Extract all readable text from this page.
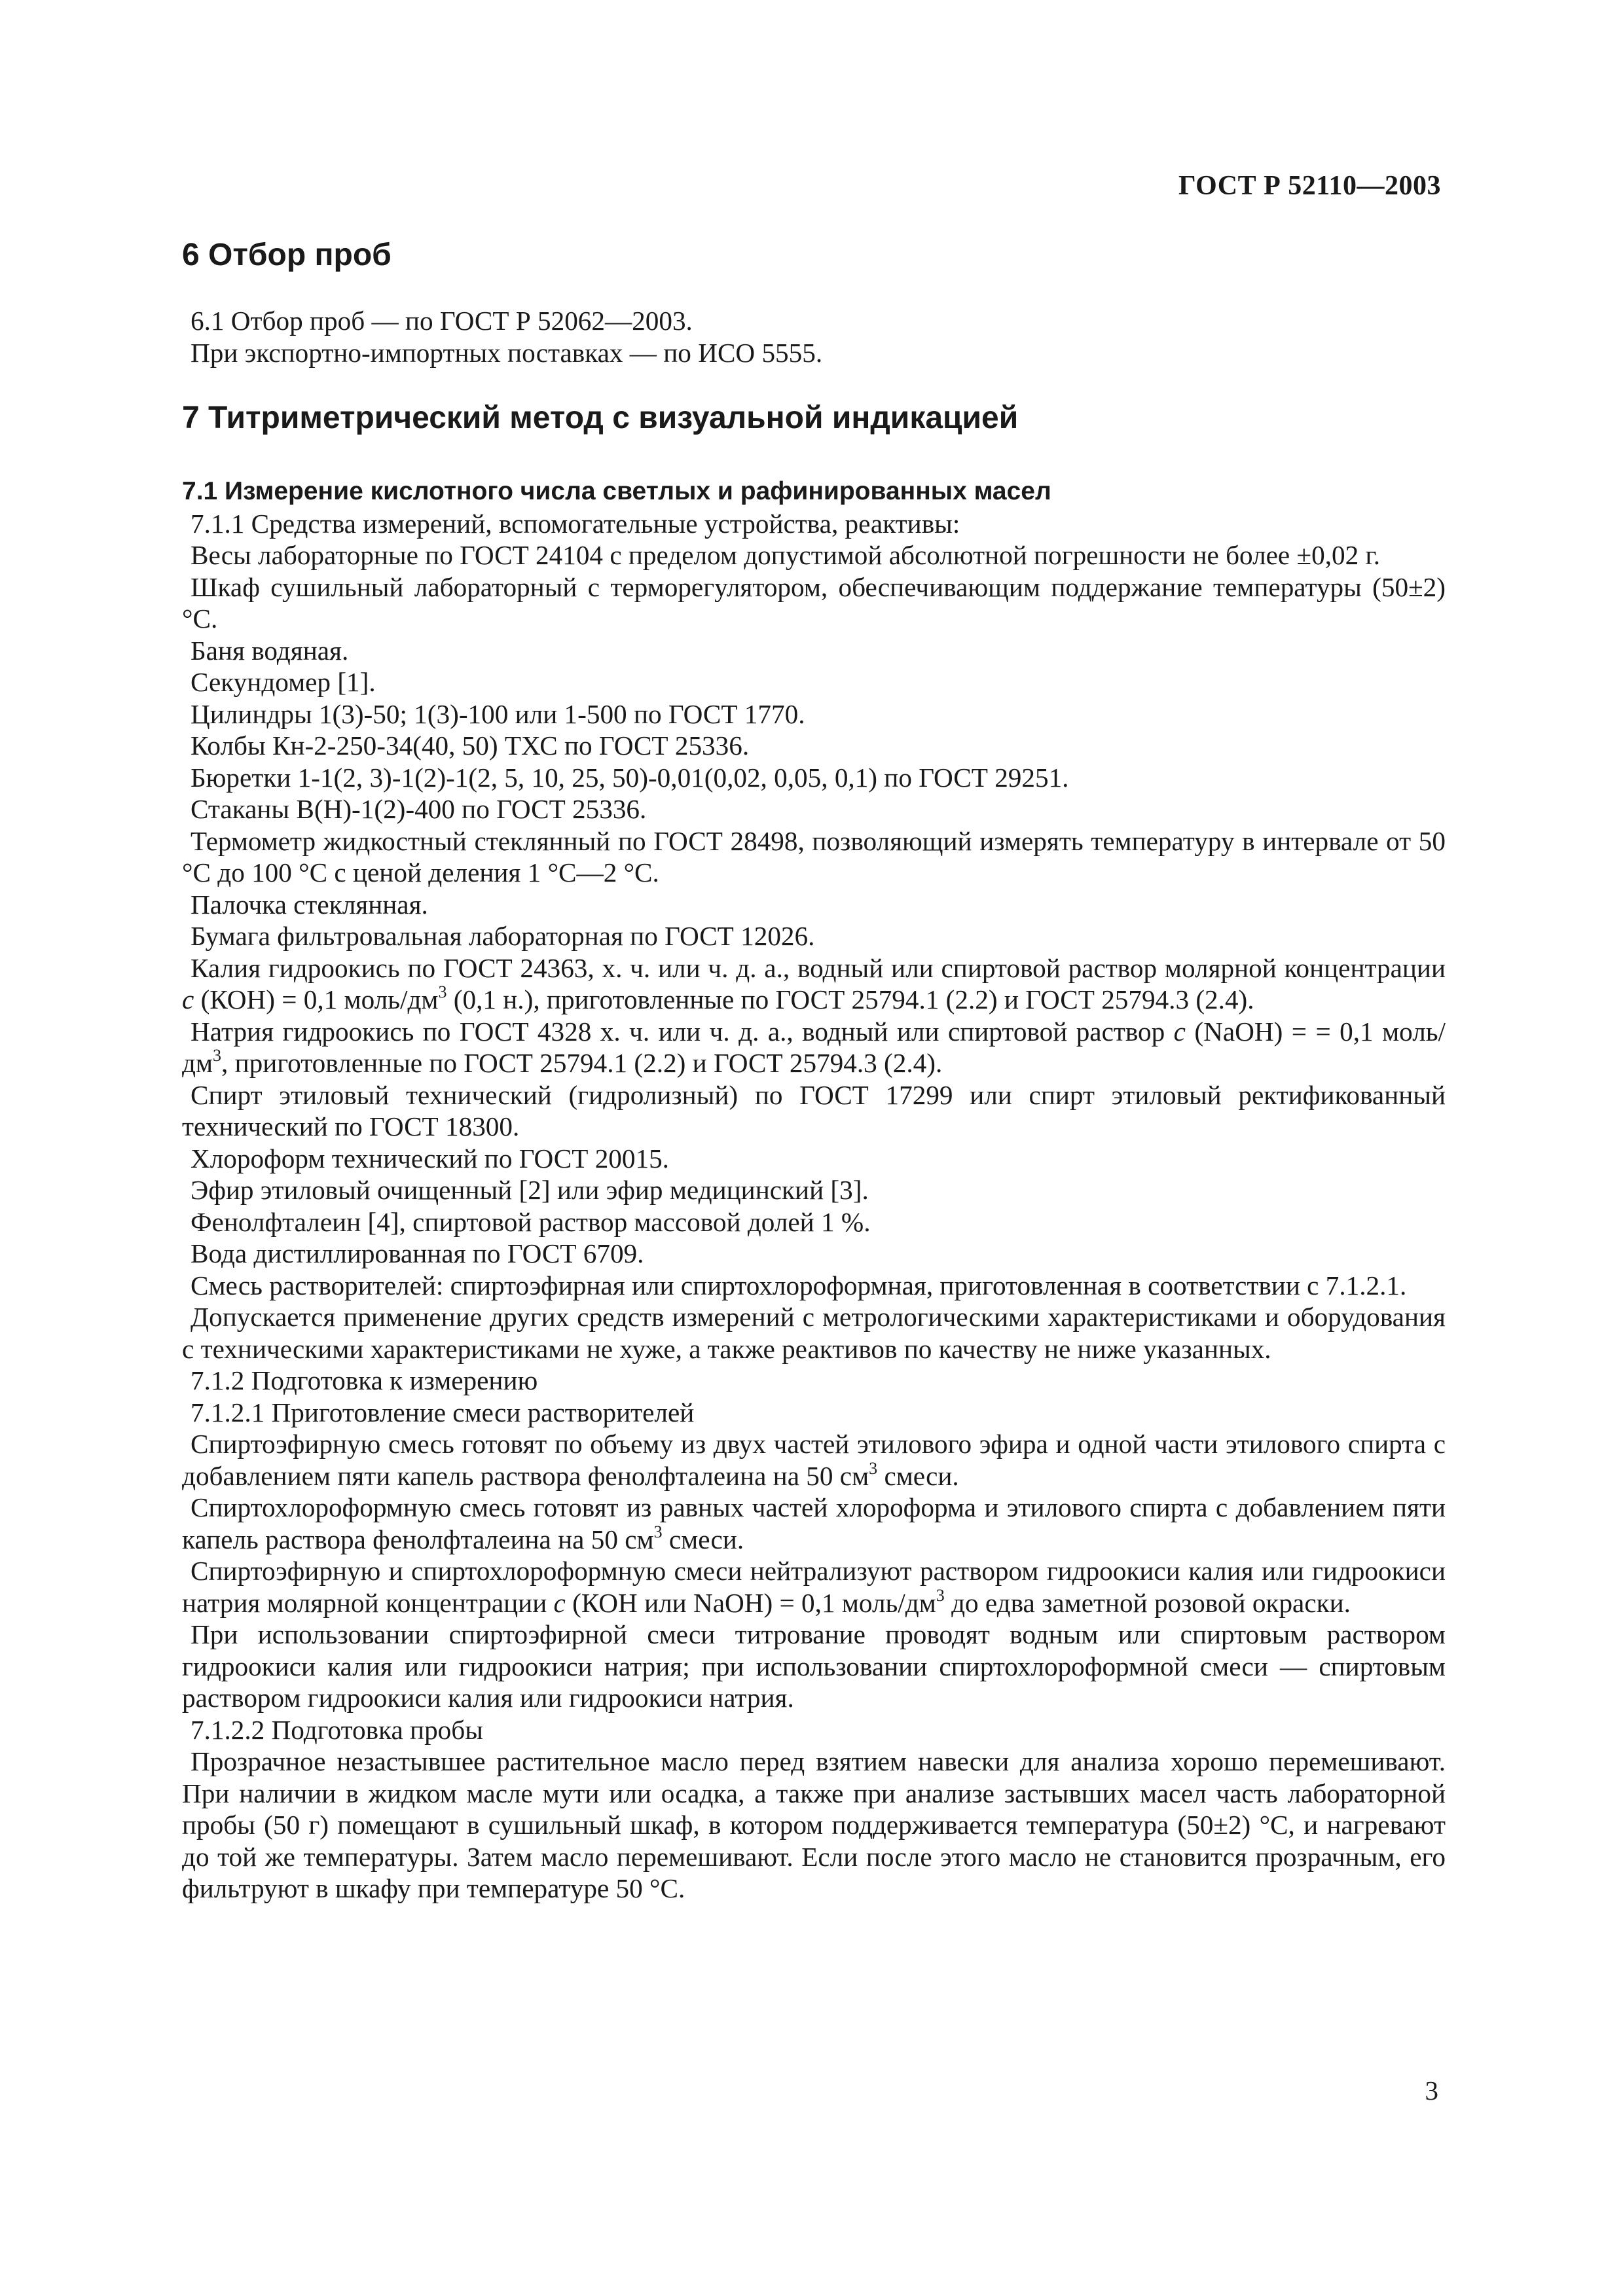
ГОСТ Р 52110—2003
6 Отбор проб

6.1 Отбор проб — по ГОСТ Р 52062—2003.

При экспортно-импортных поставках — по ИСО 5555.

7 Титриметрический метод с визуальной индикацией

7.1 Измерение кислотного числа светлых и рафинированных масел

7.1.1 Средства измерений, вспомогательные устройства, реактивы:

Весы лабораторные по ГОСТ 24104 с пределом допустимой абсолютной погрешности не более ±0,02 г.

Шкаф сушильный лабораторный с терморегулятором, обеспечивающим поддержание температуры (50±2) °С.

Баня водяная.

Секундомер [1].

Цилиндры 1(3)-50; 1(3)-100 или 1-500 по ГОСТ 1770.

Колбы Кн-2-250-34(40, 50) ТХС по ГОСТ 25336.

Бюретки 1-1(2, 3)-1(2)-1(2, 5, 10, 25, 50)-0,01(0,02, 0,05, 0,1) по ГОСТ 29251.

Стаканы В(Н)-1(2)-400 по ГОСТ 25336.

Термометр жидкостный стеклянный по ГОСТ 28498, позволяющий измерять температуру в интервале от 50 °С до 100 °С с ценой деления 1 °С—2 °С.

Палочка стеклянная.

Бумага фильтровальная лабораторная по ГОСТ 12026.

Калия гидроокись по ГОСТ 24363, х. ч. или ч. д. а., водный или спиртовой раствор молярной концентрации c (КОН) = 0,1 моль/$дм^3$ (0,1 н.), приготовленные по ГОСТ 25794.1 (2.2) и ГОСТ 25794.3 (2.4).

Натрия гидроокись по ГОСТ 4328 х. ч. или ч. д. а., водный или спиртовой раствор c (NaOH) = = 0,1 моль/$дм^3$, приготовленные по ГОСТ 25794.1 (2.2) и ГОСТ 25794.3 (2.4).

Спирт этиловый технический (гидролизный) по ГОСТ 17299 или спирт этиловый ректификованный технический по ГОСТ 18300.

Хлороформ технический по ГОСТ 20015.

Эфир этиловый очищенный [2] или эфир медицинский [3].

Фенолфталеин [4], спиртовой раствор массовой долей 1 %.

Вода дистиллированная по ГОСТ 6709.

Смесь растворителей: спиртоэфирная или спиртохлороформная, приготовленная в соответствии с 7.1.2.1.

Допускается применение других средств измерений с метрологическими характеристиками и оборудования с техническими характеристиками не хуже, а также реактивов по качеству не ниже указанных.

7.1.2 Подготовка к измерению

7.1.2.1 Приготовление смеси растворителей

Спиртоэфирную смесь готовят по объему из двух частей этилового эфира и одной части этилового спирта с добавлением пяти капель раствора фенолфталеина на 50 $см^3$ смеси.

Спиртохлороформную смесь готовят из равных частей хлороформа и этилового спирта с добавлением пяти капель раствора фенолфталеина на 50 $см^3$ смеси.

Спиртоэфирную и спиртохлороформную смеси нейтрализуют раствором гидроокиси калия или гидроокиси натрия молярной концентрации c (КОН или NaOH) = 0,1 моль/$дм^3$ до едва заметной розовой окраски.

При использовании спиртоэфирной смеси титрование проводят водным или спиртовым раствором гидроокиси калия или гидроокиси натрия; при использовании спиртохлороформной смеси — спиртовым раствором гидроокиси калия или гидроокиси натрия.

7.1.2.2 Подготовка пробы

Прозрачное незастывшее растительное масло перед взятием навески для анализа хорошо перемешивают. При наличии в жидком масле мути или осадка, а также при анализе застывших масел часть лабораторной пробы (50 г) помещают в сушильный шкаф, в котором поддерживается температура (50±2) °С, и нагревают до той же температуры. Затем масло перемешивают. Если после этого масло не становится прозрачным, его фильтруют в шкафу при температуре 50 °С.

3
